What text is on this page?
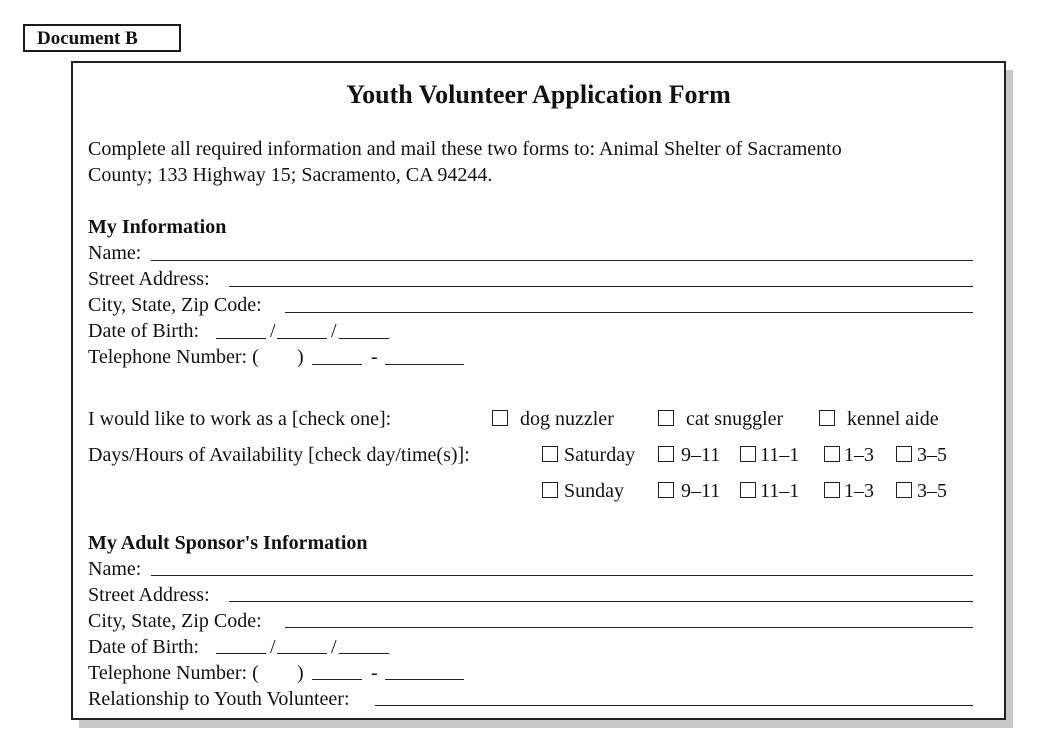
Document B
Youth Volunteer Application Form
Complete all required information and mail these two forms to: Animal Shelter of Sacramento
County; 133 Highway 15; Sacramento, CA 94244.
My Information
Name:
Street Address:
City, State, Zip Code:
Date of Birth:	/	/
Telephone Number: ( )	-
I would like to work as a [check one]:	dog nuzzler	cat snuggler	kennel aide
Days/Hours of Availability [check day/time(s)]:	Saturday 9–11 11–1 1–3 3–5
Sunday	9–11 11–1 1–3 3–5
My Adult Sponsor's Information
Name:
Street Address:
City, State, Zip Code:
Date of Birth:	/	/
Telephone Number: ( )	-
Relationship to Youth Volunteer:
